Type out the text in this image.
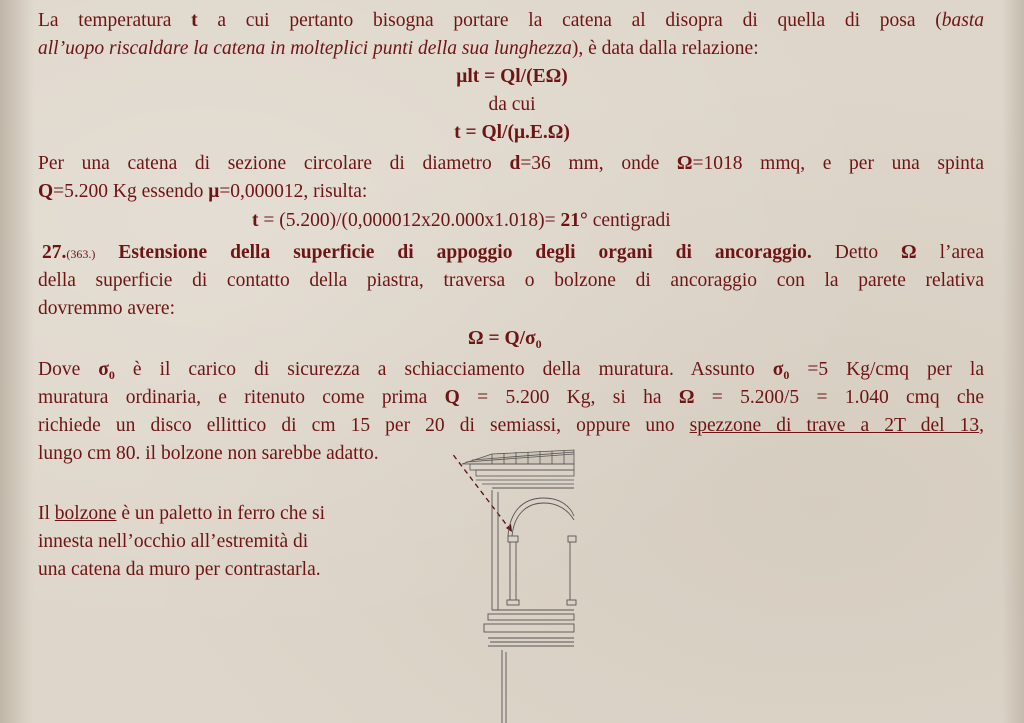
La temperatura t a cui pertanto bisogna portare la catena al disopra di quella di posa (basta
all’uopo riscaldare la catena in molteplici punti della sua lunghezza), è data dalla relazione:
μlt = Ql/(EΩ)
da cui
t = Ql/(μ.E.Ω)
Per una catena di sezione circolare di diametro d=36 mm, onde Ω=1018 mmq, e per una spinta
Q=5.200 Kg essendo μ=0,000012, risulta:
t = (5.200)/(0,000012x20.000x1.018)= 21° centigradi
27.(363.) Estensione della superficie di appoggio degli organi di ancoraggio. Detto Ω l’area
della superficie di contatto della piastra, traversa o bolzone di ancoraggio con la parete relativa
dovremmo avere:
$\Omega = Q/\sigma_0$
Dove $\sigma_0$ è il carico di sicurezza a schiacciamento della muratura. Assunto $\sigma_0 =5$ Kg/cmq per la
muratura ordinaria, e ritenuto come prima Q = 5.200 Kg, si ha Ω = 5.200/5 = 1.040 cmq che
richiede un disco ellittico di cm 15 per 20 di semiassi, oppure uno spezzone di trave a 2T del 13,
lungo cm 80. il bolzone non sarebbe adatto.
Il bolzone è un paletto in ferro che si
innesta nell’occhio all’estremità di
una catena da muro per contrastarla.
